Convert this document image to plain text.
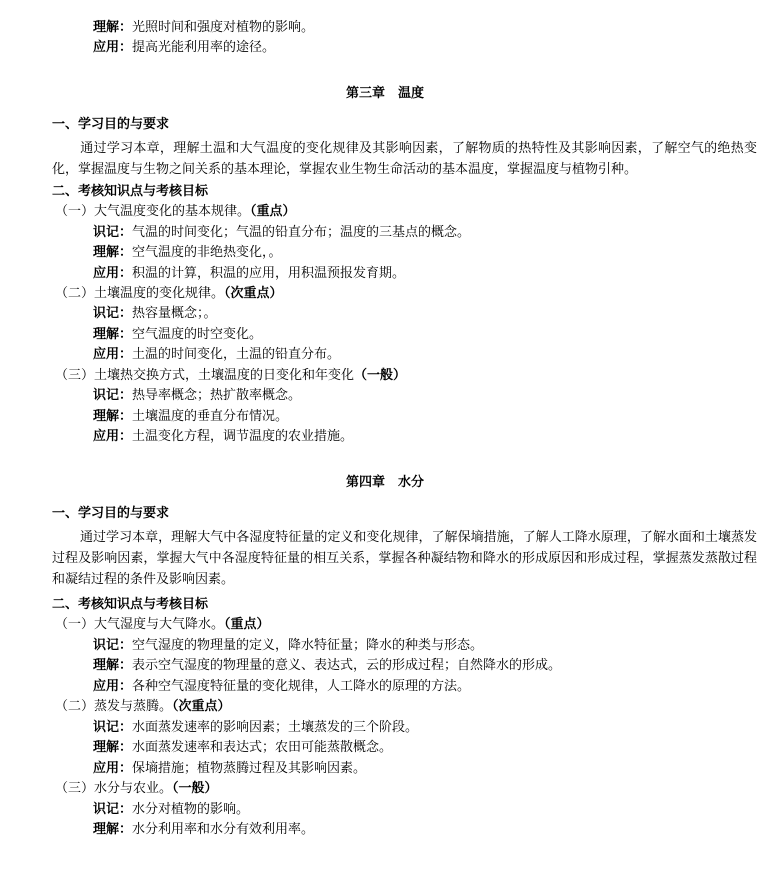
理解：光照时间和强度对植物的影响。
应用：提高光能利用率的途径。
第三章　温度
一、学习目的与要求
通过学习本章，理解土温和大气温度的变化规律及其影响因素，了解物质的热特性及其影响因素，了解空气的绝热变化，掌握温度与生物之间关系的基本理论，掌握农业生物生命活动的基本温度，掌握温度与植物引种。
二、考核知识点与考核目标
（一）大气温度变化的基本规律。（重点）
识记：气温的时间变化；气温的铅直分布；温度的三基点的概念。
理解：空气温度的非绝热变化，。
应用：积温的计算，积温的应用，用积温预报发育期。
（二）土壤温度的变化规律。（次重点）
识记：热容量概念；。
理解：空气温度的时空变化。
应用：土温的时间变化，土温的铅直分布。
（三）土壤热交换方式，土壤温度的日变化和年变化（一般）
识记：热导率概念；热扩散率概念。
理解：土壤温度的垂直分布情况。
应用：土温变化方程，调节温度的农业措施。
第四章　水分
一、学习目的与要求
通过学习本章，理解大气中各湿度特征量的定义和变化规律，了解保墒措施，了解人工降水原理，了解水面和土壤蒸发过程及影响因素，掌握大气中各湿度特征量的相互关系，掌握各种凝结物和降水的形成原因和形成过程，掌握蒸发蒸散过程和凝结过程的条件及影响因素。
二、考核知识点与考核目标
（一）大气湿度与大气降水。（重点）
识记：空气湿度的物理量的定义，降水特征量；降水的种类与形态。
理解：表示空气湿度的物理量的意义、表达式，云的形成过程；自然降水的形成。
应用：各种空气湿度特征量的变化规律，人工降水的原理的方法。
（二）蒸发与蒸腾。（次重点）
识记：水面蒸发速率的影响因素；土壤蒸发的三个阶段。
理解：水面蒸发速率和表达式；农田可能蒸散概念。
应用：保墒措施；植物蒸腾过程及其影响因素。
（三）水分与农业。（一般）
识记：水分对植物的影响。
理解：水分利用率和水分有效利用率。
